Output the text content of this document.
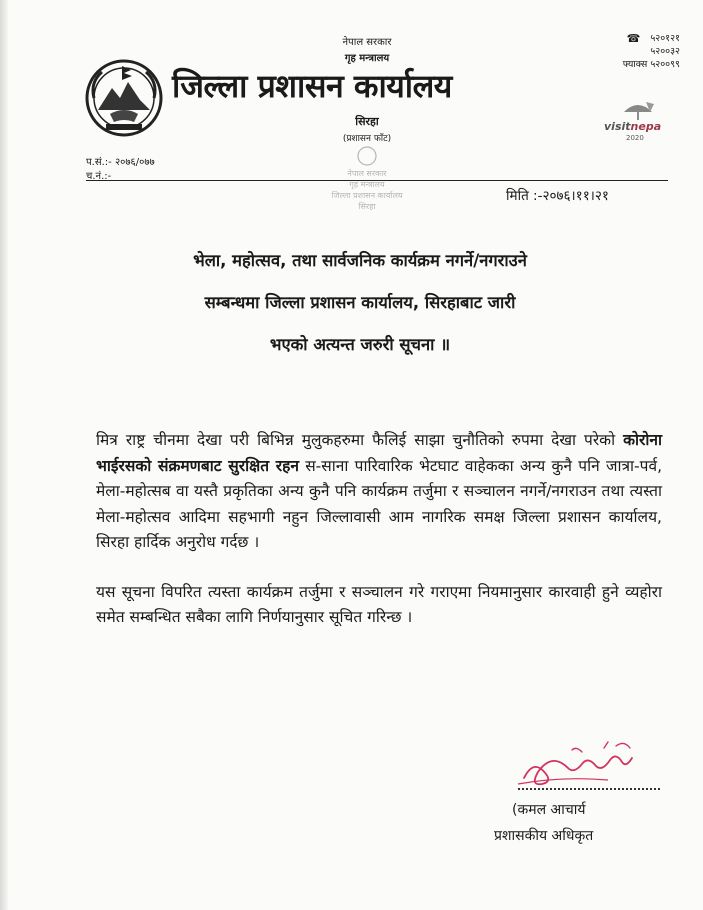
नेपाल सरकार
गृह मन्त्रालय
जिल्ला प्रशासन कार्यालय
सिरहा
(प्रशासन फाँट)
☎ ५२०१२१
५२००३२
फ्याक्स ५२००९९
visitnepa
2020
प.सं.:- २०७६/०७७
च.नं.:-
मिति :-२०७६।११।२१
नेपाल सरकार
गृह मन्त्रालय
जिल्ला प्रशासन कार्यालय
सिरहा
भेला, महोत्सव, तथा सार्वजनिक कार्यक्रम नगर्ने/नगराउने
सम्बन्धमा जिल्ला प्रशासन कार्यालय, सिरहाबाट जारी
भएको अत्यन्त जरुरी सूचना ॥

मित्र राष्ट्र चीनमा देखा परी बिभिन्न मुलुकहरुमा फैलिई साझा चुनौतिको रुपमा देखा परेको कोरोना भाईरसको संक्रमणबाट सुरक्षित रहन स-साना पारिवारिक भेटघाट वाहेकका अन्य कुनै पनि जात्रा-पर्व, मेला-महोत्सब वा यस्तै प्रकृतिका अन्य कुनै पनि कार्यक्रम तर्जुमा र सञ्चालन नगर्ने/नगराउन तथा त्यस्ता मेला-महोत्सव आदिमा सहभागी नहुन जिल्लावासी आम नागरिक समक्ष जिल्ला प्रशासन कार्यालय, सिरहा हार्दिक अनुरोध गर्दछ ।

यस सूचना विपरित त्यस्ता कार्यक्रम तर्जुमा र सञ्चालन गरे गराएमा नियमानुसार कारवाही हुने व्यहोरा समेत सम्बन्धित सबैका लागि निर्णयानुसार सूचित गरिन्छ ।

(कमल आचार्य
प्रशासकीय अधिकृत
